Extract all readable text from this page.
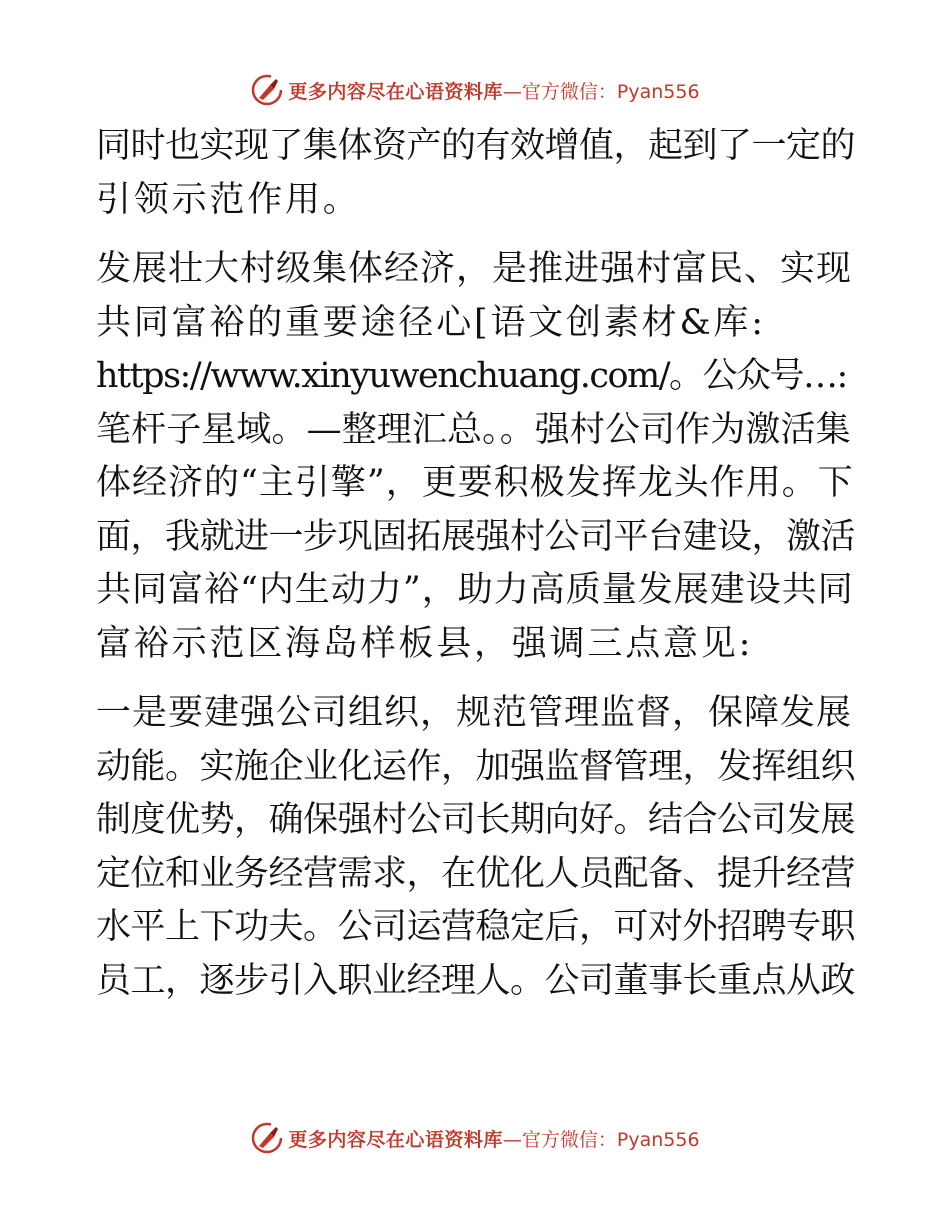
更多内容尽在心语资料库 —官方微信：Pyan556
同时也实现了集体资产的有效增值，起到了一定的
引领示范作用。
发展壮大村级集体经济，是推进强村富民、实现
共同富裕的重要途径心[语文创素材&库:
https://www.xinyuwenchuang.com/。公众号…:
笔杆子星域。—整理汇总。。强村公司作为激活集
体经济的“主引擎”，更要积极发挥龙头作用。下
面，我就进一步巩固拓展强村公司平台建设，激活
共同富裕“内生动力”，助力高质量发展建设共同
富裕示范区海岛样板县，强调三点意见:
一是要建强公司组织，规范管理监督，保障发展
动能。实施企业化运作，加强监督管理，发挥组织
制度优势，确保强村公司长期向好。结合公司发展
定位和业务经营需求，在优化人员配备、提升经营
水平上下功夫。公司运营稳定后，可对外招聘专职
员工，逐步引入职业经理人。公司董事长重点从政
更多内容尽在心语资料库 —官方微信：Pyan556
